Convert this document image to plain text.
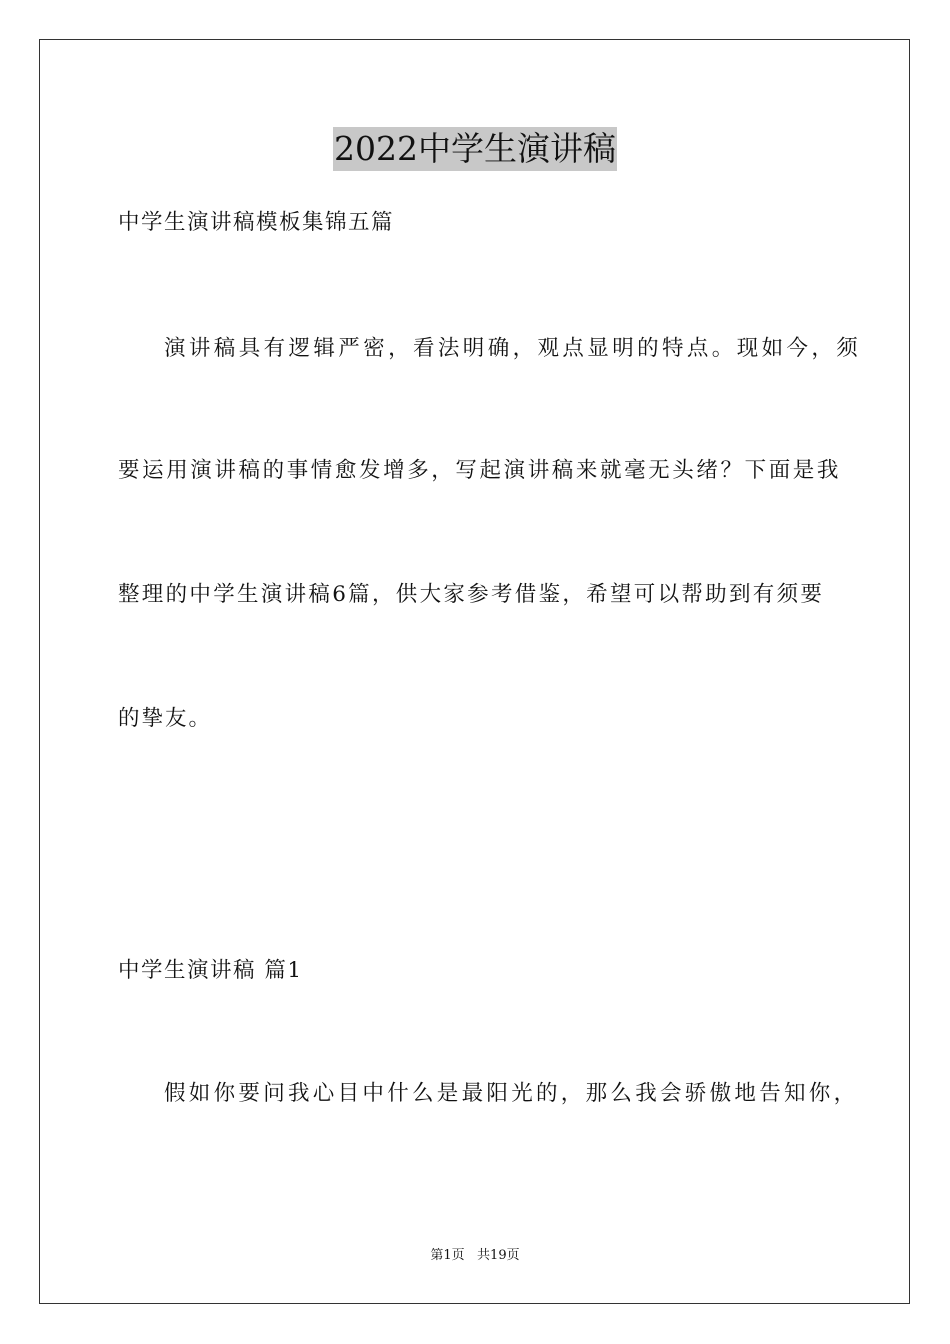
2022中学生演讲稿
中学生演讲稿模板集锦五篇
演讲稿具有逻辑严密，看法明确，观点显明的特点。现如今，须
要运用演讲稿的事情愈发增多，写起演讲稿来就毫无头绪？下面是我
整理的中学生演讲稿6篇，供大家参考借鉴，希望可以帮助到有须要
的挚友。
中学生演讲稿 篇1
假如你要问我心目中什么是最阳光的，那么我会骄傲地告知你，
第1页   共19页
